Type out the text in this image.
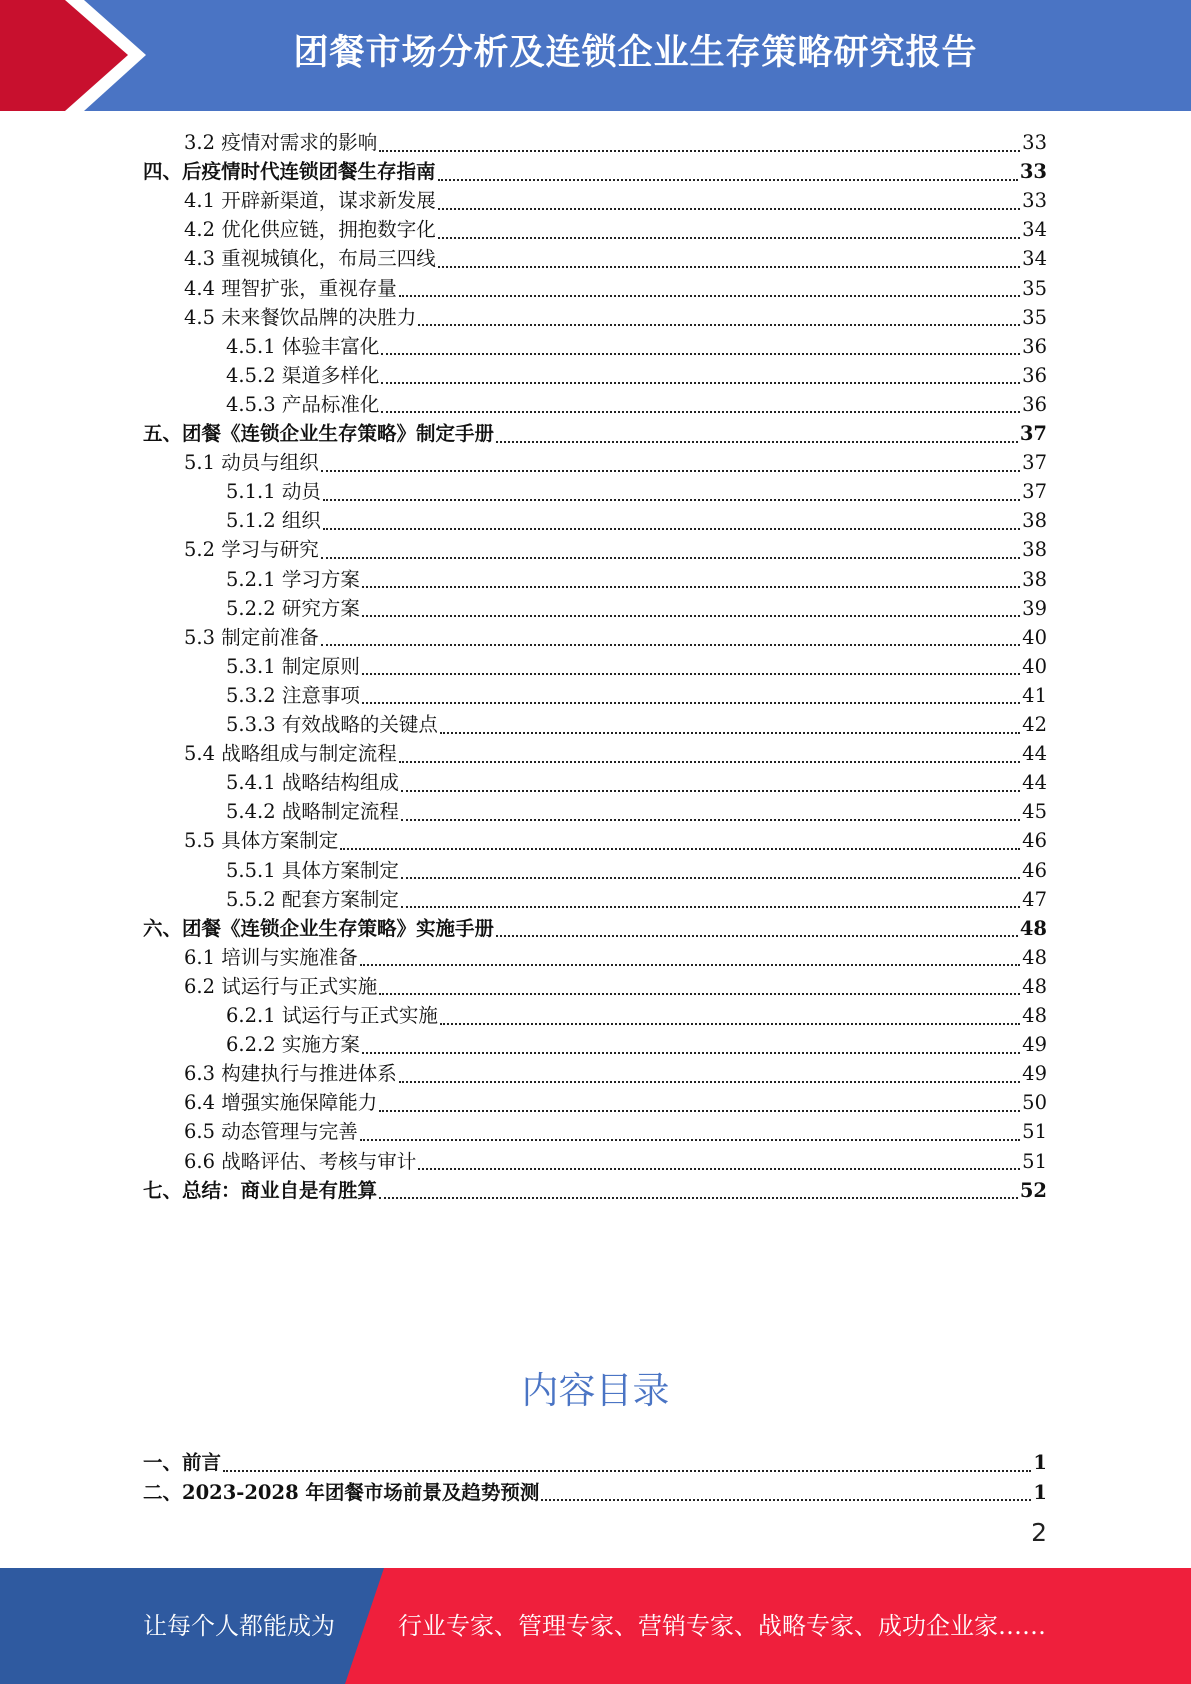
团餐市场分析及连锁企业生存策略研究报告
3.2 疫情对需求的影响	33
四、后疫情时代连锁团餐生存指南	33
4.1 开辟新渠道，谋求新发展	33
4.2 优化供应链，拥抱数字化	34
4.3 重视城镇化，布局三四线	34
4.4 理智扩张，重视存量	35
4.5 未来餐饮品牌的决胜力	35
4.5.1 体验丰富化	36
4.5.2 渠道多样化	36
4.5.3 产品标准化	36
五、团餐《连锁企业生存策略》制定手册	37
5.1 动员与组织	37
5.1.1 动员	37
5.1.2 组织	38
5.2 学习与研究	38
5.2.1 学习方案	38
5.2.2 研究方案	39
5.3 制定前准备	40
5.3.1 制定原则	40
5.3.2 注意事项	41
5.3.3 有效战略的关键点	42
5.4 战略组成与制定流程	44
5.4.1 战略结构组成	44
5.4.2 战略制定流程	45
5.5 具体方案制定	46
5.5.1 具体方案制定	46
5.5.2 配套方案制定	47
六、团餐《连锁企业生存策略》实施手册	48
6.1 培训与实施准备	48
6.2 试运行与正式实施	48
6.2.1 试运行与正式实施	48
6.2.2 实施方案	49
6.3 构建执行与推进体系	49
6.4 增强实施保障能力	50
6.5 动态管理与完善	51
6.6 战略评估、考核与审计	51
七、总结：商业自是有胜算	52
内容目录
一、前言	1
二、2023-2028 年团餐市场前景及趋势预测	1
2
让每个人都能成为	行业专家、管理专家、营销专家、战略专家、成功企业家……
